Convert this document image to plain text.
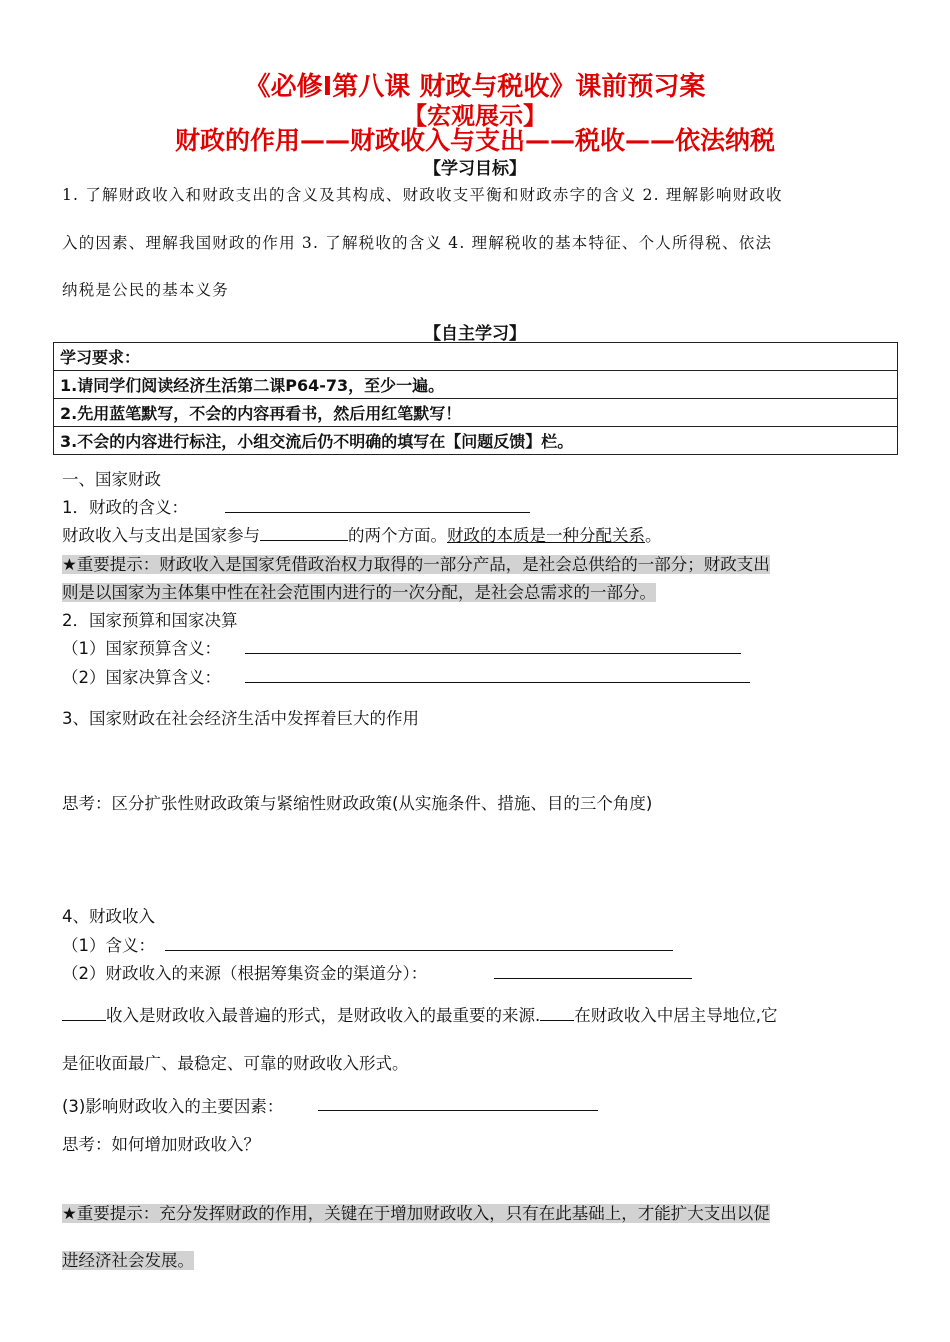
《必修Ⅰ第八课 财政与税收》课前预习案
【宏观展示】
财政的作用——财政收入与支出——税收——依法纳税
【学习目标】
1. 了解财政收入和财政支出的含义及其构成、财政收支平衡和财政赤字的含义 2. 理解影响财政收
入的因素、理解我国财政的作用 3. 了解税收的含义 4. 理解税收的基本特征、个人所得税、依法
纳税是公民的基本义务
【自主学习】
学习要求：
1.请同学们阅读经济生活第二课P64-73，至少一遍。
2.先用蓝笔默写，不会的内容再看书，然后用红笔默写！
3.不会的内容进行标注，小组交流后仍不明确的填写在【问题反馈】栏。
一、国家财政
1．财政的含义：
财政收入与支出是国家参与	的两个方面。财政的本质是一种分配关系。
★重要提示：财政收入是国家凭借政治权力取得的一部分产品，是社会总供给的一部分；财政支出
则是以国家为主体集中性在社会范围内进行的一次分配，是社会总需求的一部分。
2．国家预算和国家决算
（1）国家预算含义：
（2）国家决算含义：
3、国家财政在社会经济生活中发挥着巨大的作用
思考：区分扩张性财政政策与紧缩性财政政策(从实施条件、措施、目的三个角度)
4、财政收入
（1）含义：
（2）财政收入的来源（根据筹集资金的渠道分）：
收入是财政收入最普遍的形式，是财政收入的最重要的来源. 在财政收入中居主导地位,它
是征收面最广、最稳定、可靠的财政收入形式。
(3)影响财政收入的主要因素：
思考：如何增加财政收入？
★重要提示：充分发挥财政的作用，关键在于增加财政收入，只有在此基础上，才能扩大支出以促
进经济社会发展。
